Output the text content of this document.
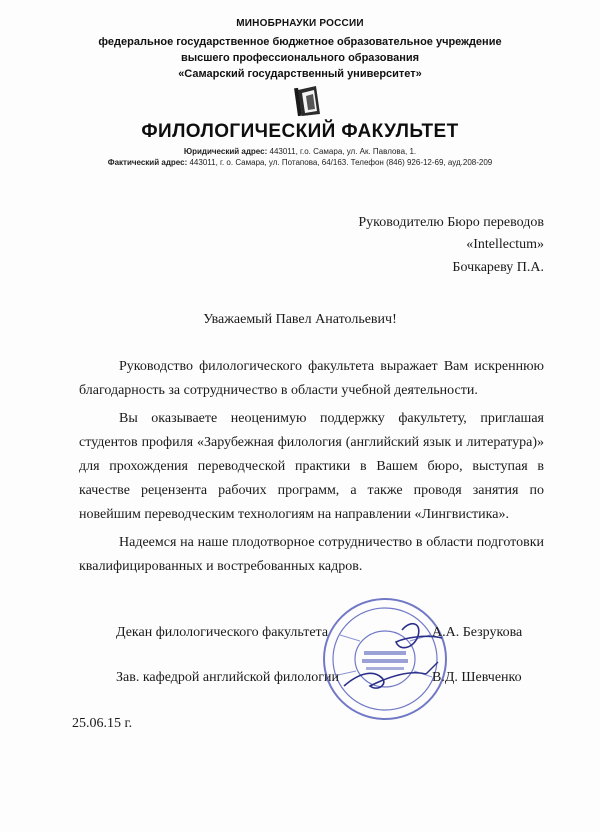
МИНОБРНАУКИ РОССИИ
федеральное государственное бюджетное образовательное учреждение
высшего профессионального образования
«Самарский государственный университет»
ФИЛОЛОГИЧЕСКИЙ ФАКУЛЬТЕТ
Юридический адрес: 443011, г.о. Самара, ул. Ак. Павлова, 1.
Фактический адрес: 443011, г. о. Самара, ул. Потапова, 64/163. Телефон (846) 926-12-69, ауд.208-209
Руководителю Бюро переводов
«Intellectum»
Бочкареву П.А.
Уважаемый Павел Анатольевич!

Руководство филологического факультета выражает Вам искреннюю благодарность за сотрудничество в области учебной деятельности.

Вы оказываете неоценимую поддержку факультету, приглашая студентов профиля «Зарубежная филология (английский язык и литература)» для прохождения переводческой практики в Вашем бюро, выступая в качестве рецензента рабочих программ, а также проводя занятия по новейшим переводческим технологиям на направлении «Лингвистика».

Надеемся на наше плодотворное сотрудничество в области подготовки квалифицированных и востребованных кадров.

Декан филологического факультета	А.А. Безрукова
Зав. кафедрой английской филологии	В.Д. Шевченко
25.06.15 г.
